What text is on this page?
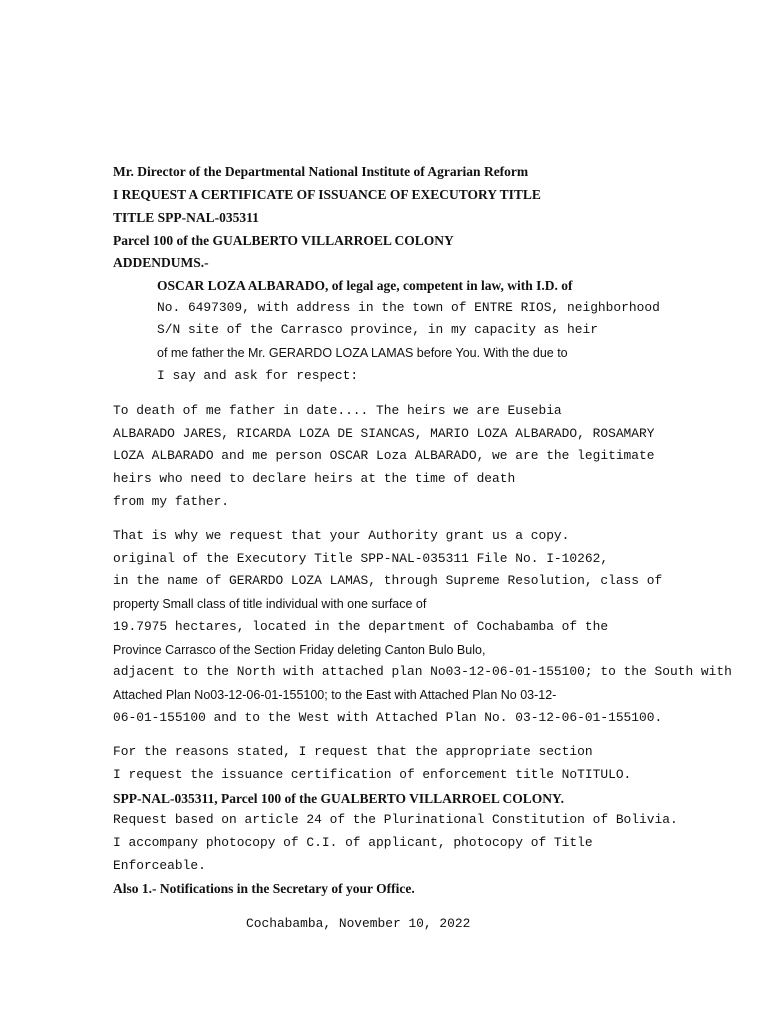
Mr. Director of the Departmental National Institute of Agrarian Reform
I REQUEST A CERTIFICATE OF ISSUANCE OF EXECUTORY TITLE
TITLE SPP-NAL-035311
Parcel 100 of the GUALBERTO VILLARROEL COLONY
ADDENDUMS.-
OSCAR LOZA ALBARADO, of legal age, competent in law, with I.D. of
No. 6497309, with address in the town of ENTRE RIOS, neighborhood
S/N site of the Carrasco province, in my capacity as heir
of me father the Mr. GERARDO LOZA LAMAS before You. With the due to
I say and ask for respect:
To death of me father in date.... The heirs we are Eusebia
ALBARADO JARES, RICARDA LOZA DE SIANCAS, MARIO LOZA ALBARADO, ROSAMARY
LOZA ALBARADO and me person OSCAR Loza ALBARADO, we are the legitimate
heirs who need to declare heirs at the time of death
from my father.
That is why we request that your Authority grant us a copy.
original of the Executory Title SPP-NAL-035311 File No. I-10262,
in the name of GERARDO LOZA LAMAS, through Supreme Resolution, class of
property Small class of title individual with one surface of
19.7975 hectares, located in the department of Cochabamba of the
Province Carrasco of the Section Friday deleting Canton Bulo Bulo,
adjacent to the North with attached plan No03-12-06-01-155100; to the South with
Attached Plan No03-12-06-01-155100; to the East with Attached Plan No 03-12-
06-01-155100 and to the West with Attached Plan No. 03-12-06-01-155100.
For the reasons stated, I request that the appropriate section
I request the issuance certification of enforcement title NoTITULO.
SPP-NAL-035311, Parcel 100 of the GUALBERTO VILLARROEL COLONY.
Request based on article 24 of the Plurinational Constitution of Bolivia.
I accompany photocopy of C.I. of applicant, photocopy of Title
Enforceable.
Also 1.- Notifications in the Secretary of your Office.
Cochabamba, November 10, 2022
